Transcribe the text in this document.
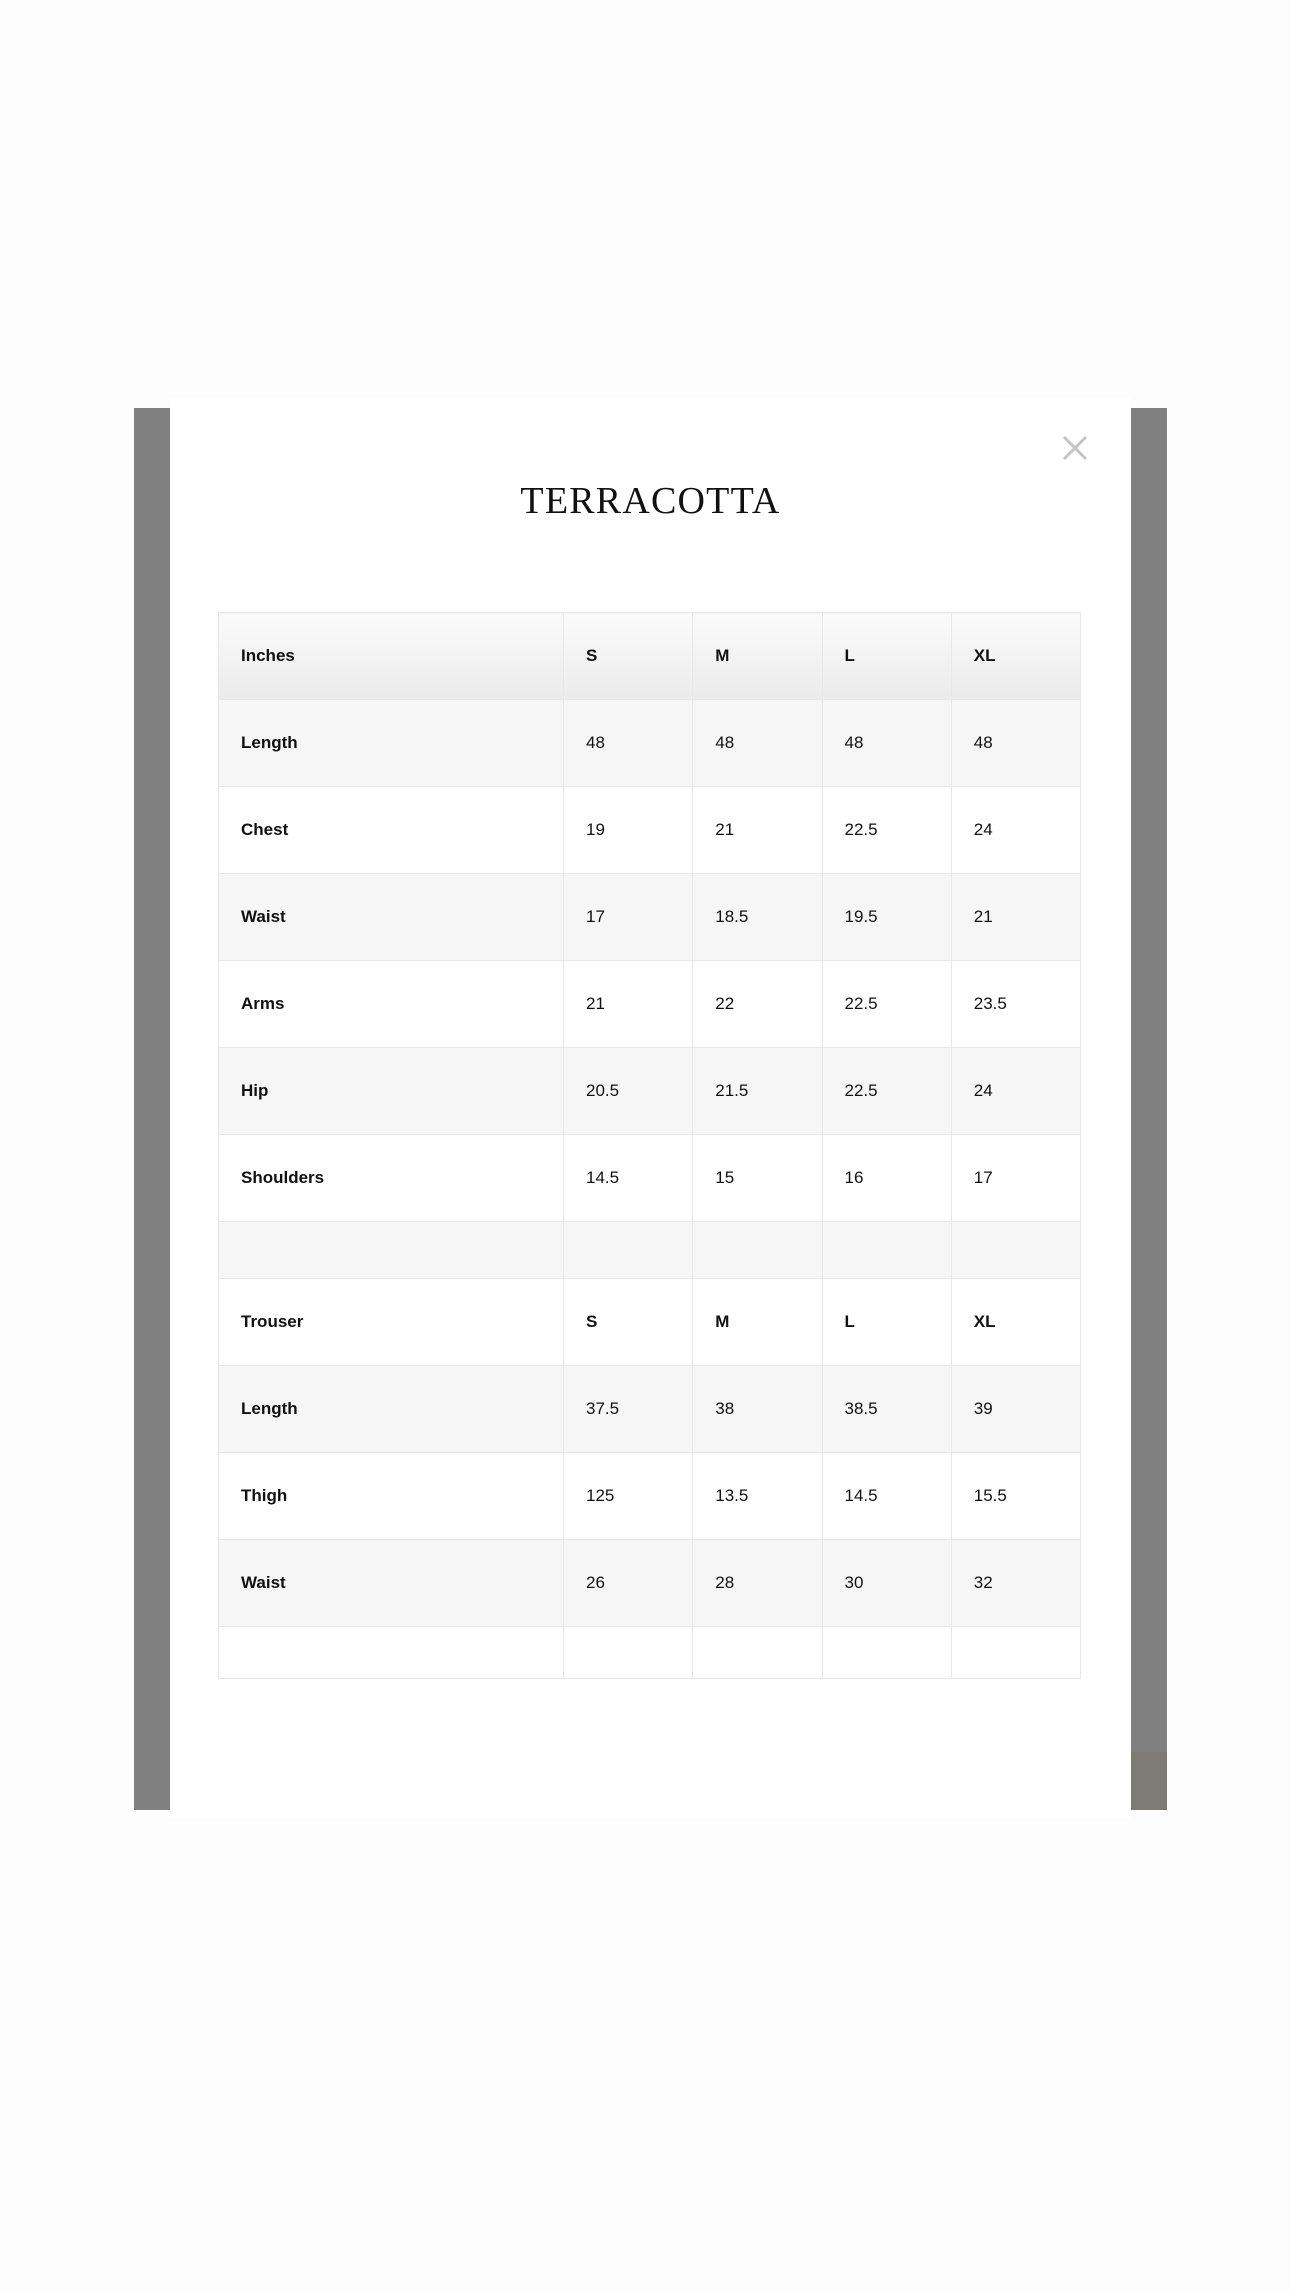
TERRACOTTA
Inches	S	M	L	XL
Length	48	48	48	48
Chest	19	21	22.5	24
Waist	17	18.5	19.5	21
Arms	21	22	22.5	23.5
Hip	20.5	21.5	22.5	24
Shoulders	14.5	15	16	17

Trouser	S	M	L	XL
Length	37.5	38	38.5	39
Thigh	125	13.5	14.5	15.5
Waist	26	28	30	32
